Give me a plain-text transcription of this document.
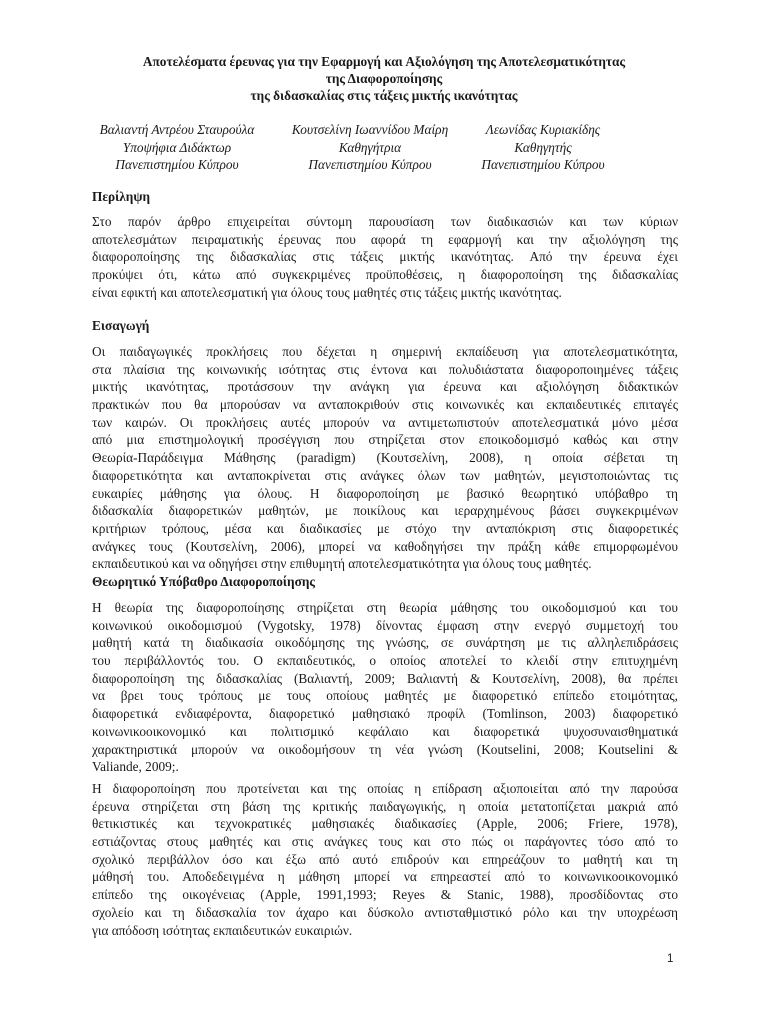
Αποτελέσματα έρευνας για την Εφαρμογή και Αξιολόγηση της Αποτελεσματικότητας
της Διαφοροποίησης
της διδασκαλίας στις τάξεις μικτής ικανότητας
Βαλιαντή Αντρέου Σταυρούλα
Υποψήφια Διδάκτωρ
Πανεπιστημίου Κύπρου
Κουτσελίνη Ιωαννίδου Μαίρη
Καθηγήτρια
Πανεπιστημίου Κύπρου
Λεωνίδας Κυριακίδης
Καθηγητής
Πανεπιστημίου Κύπρου
Περίληψη
Στο παρόν άρθρο επιχειρείται σύντομη παρουσίαση των διαδικασιών και των κύριων
αποτελεσμάτων πειραματικής έρευνας που αφορά τη εφαρμογή και την αξιολόγηση της
διαφοροποίησης της διδασκαλίας στις τάξεις μικτής ικανότητας. Από την έρευνα έχει
προκύψει ότι, κάτω από συγκεκριμένες προϋποθέσεις, η διαφοροποίηση της διδασκαλίας
είναι εφικτή και αποτελεσματική για όλους τους μαθητές στις τάξεις μικτής ικανότητας.
Εισαγωγή
Οι παιδαγωγικές προκλήσεις που δέχεται η σημερινή εκπαίδευση για αποτελεσματικότητα,
στα πλαίσια της κοινωνικής ισότητας στις έντονα και πολυδιάστατα διαφοροποιημένες τάξεις
μικτής ικανότητας, προτάσσουν την ανάγκη για έρευνα και αξιολόγηση διδακτικών
πρακτικών που θα μπορούσαν να ανταποκριθούν στις κοινωνικές και εκπαιδευτικές επιταγές
των καιρών. Οι προκλήσεις αυτές μπορούν να αντιμετωπιστούν αποτελεσματικά μόνο μέσα
από μια επιστημολογική προσέγγιση που στηρίζεται στον εποικοδομισμό καθώς και στην
Θεωρία-Παράδειγμα Μάθησης (paradigm) (Κουτσελίνη, 2008), η οποία σέβεται τη
διαφορετικότητα και ανταποκρίνεται στις ανάγκες όλων των μαθητών, μεγιστοποιώντας τις
ευκαιρίες μάθησης για όλους. Η διαφοροποίηση με βασικό θεωρητικό υπόβαθρο τη
διδασκαλία διαφορετικών μαθητών, με ποικίλους και ιεραρχημένους βάσει συγκεκριμένων
κριτήριων τρόπους, μέσα και διαδικασίες με στόχο την ανταπόκριση στις διαφορετικές
ανάγκες τους (Κουτσελίνη, 2006), μπορεί να καθοδηγήσει την πράξη κάθε επιμορφωμένου
εκπαιδευτικού και να οδηγήσει στην επιθυμητή αποτελεσματικότητα για όλους τους μαθητές.
Θεωρητικό Υπόβαθρο Διαφοροποίησης
Η θεωρία της διαφοροποίησης στηρίζεται στη θεωρία μάθησης του οικοδομισμού και του
κοινωνικού οικοδομισμού (Vygotsky, 1978) δίνοντας έμφαση στην ενεργό συμμετοχή του
μαθητή κατά τη διαδικασία οικοδόμησης της γνώσης, σε συνάρτηση με τις αλληλεπιδράσεις
του περιβάλλοντός του. Ο εκπαιδευτικός, ο οποίος αποτελεί το κλειδί στην επιτυχημένη
διαφοροποίηση της διδασκαλίας (Βαλιαντή, 2009; Βαλιαντή & Κουτσελίνη, 2008), θα πρέπει
να βρει τους τρόπους με τους οποίους μαθητές με διαφορετικό επίπεδο ετοιμότητας,
διαφορετικά ενδιαφέροντα, διαφορετικό μαθησιακό προφίλ (Tomlinson, 2003) διαφορετικό
κοινωνικοοικονομικό και πολιτισμικό κεφάλαιο και διαφορετικά ψυχοσυναισθηματικά
χαρακτηριστικά μπορούν να οικοδομήσουν τη νέα γνώση (Koutselini, 2008; Koutselini &
Valiande, 2009;.
Η διαφοροποίηση που προτείνεται και της οποίας η επίδραση αξιοποιείται από την παρούσα
έρευνα στηρίζεται στη βάση της κριτικής παιδαγωγικής, η οποία μετατοπίζεται μακριά από
θετικιστικές και τεχνοκρατικές μαθησιακές διαδικασίες (Apple, 2006; Friere, 1978),
εστιάζοντας στους μαθητές και στις ανάγκες τους και στο πώς οι παράγοντες τόσο από το
σχολικό περιβάλλον όσο και έξω από αυτό επιδρούν και επηρεάζουν το μαθητή και τη
μάθησή του. Αποδεδειγμένα η μάθηση μπορεί να επηρεαστεί από το κοινωνικοοικονομικό
επίπεδο της οικογένειας (Apple, 1991,1993; Reyes & Stanic, 1988), προσδίδοντας στο
σχολείο και τη διδασκαλία τον άχαρο και δύσκολο αντισταθμιστικό ρόλο και την υποχρέωση
για απόδοση ισότητας εκπαιδευτικών ευκαιριών.
1
